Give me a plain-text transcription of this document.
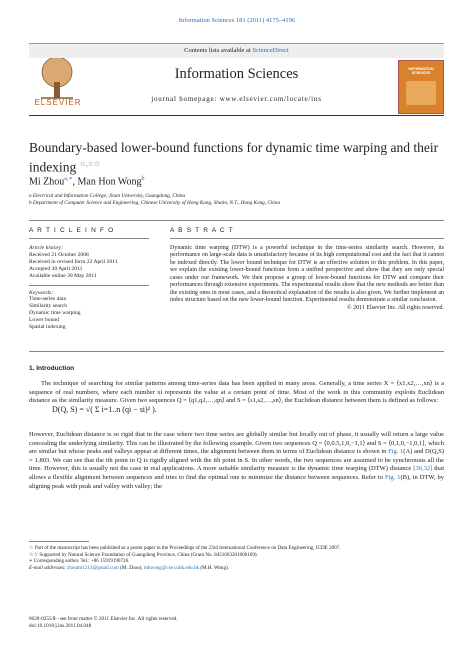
Information Sciences 181 (2011) 4175–4196
ELSEVIER
Contents lists available at ScienceDirect
Information Sciences
journal homepage: www.elsevier.com/locate/ins
INFORMATION SCIENCES
Boundary-based lower-bound functions for dynamic time warping and their indexing ☆,☆☆
Mi Zhou$^{a,∗}$, Man Hon Wong$^b$
a Electrical and Information College, Jinan University, Guangdong, China
b Department of Computer Science and Engineering, Chinese University of Hong Kong, Shatin, N.T., Hong Kong, China
A R T I C L E I N F O	A B S T R A C T
Article history:
Received 21 October 2008
Received in revised form 22 April 2011
Accepted 30 April 2011
Available online 30 May 2011
Keywords:
Time-series data
Similarity search
Dynamic time warping
Lower bound
Spatial indexing

Dynamic time warping (DTW) is a powerful technique in the time-series similarity search. However, its performance on large-scale data is unsatisfactory because of its high computational cost and the fact that it cannot be indexed directly. The lower bound technique for DTW is an effective solution to this problem. In this paper, we explain the existing lower-bound functions from a unified perspective and show that they are only special cases under our framework. We then propose a group of lower-bound functions for DTW and compare their performances through extensive experiments. The experimental results show that the new methods are better than the existing ones in most cases, and a theoretical explanation of the results is also given. We further implement an index structure based on the new lower-bound function. Experimental results demonstrate a similar conclusion.

© 2011 Elsevier Inc. All rights reserved.

1. Introduction

The technique of searching for similar patterns among time-series data has been applied in many areas. Generally, a time series X = ⟨x1,x2,…,xn⟩ is a sequence of real numbers, where each number xi represents the value at a certain point of time. Most of the work in this community exploits Euclidean distance as the similarity measure. Given two sequences Q = ⟨q1,q2,…,qn⟩ and S = ⟨s1,s2,…,sn⟩, the Euclidean distance between them is defined as follows:

D(Q, S) = √( Σ i=1..n (qi − si)² ).

However, Euclidean distance is so rigid that in the case where two time series are globally similar but locally out of phase, it usually will return a large value concealing the underlying similarity. This can be illustrated by the following example. Given two sequences Q = ⟨0,0.5,1,0,−1,1⟩ and S = ⟨0,1,0,−1,0,1⟩, which are similar but whose peaks and valleys appear at different times, the alignment between them in terms of Euclidean distance is shown in Fig. 1(A) and D(Q,S) = 1.803. We can see that the ith point in Q is rigidly aligned with the ith point in S. In other words, the two sequences are assumed to be synchronous all the time. However, this is usually not the case in real applications. A more suitable similarity measure is the dynamic time warping (DTW) distance [30,32] that allows a flexible alignment between sequences and tries to find the optimal one to minimize the distance between sequences. Refer to Fig. 1(B), in DTW, by aligning peak with peak and valley with valley; the

☆ Part of the manuscript has been published as a poster paper in the Proceedings of the 23rd International Conference on Data Engineering, ICDE 2007.
☆☆ Supported by Natural Science Foundation of Guangdong Province, China (Grant No. 8451063201000169).
∗ Corresponding author. Tel.: +86 15919190726.
E-mail addresses: zhoumi1213@gmail.com (M. Zhou), mhwong@cse.cuhk.edu.hk (M.H. Wong).
0020-0255/$ - see front matter © 2011 Elsevier Inc. All rights reserved.
doi:10.1016/j.ins.2011.04.048
